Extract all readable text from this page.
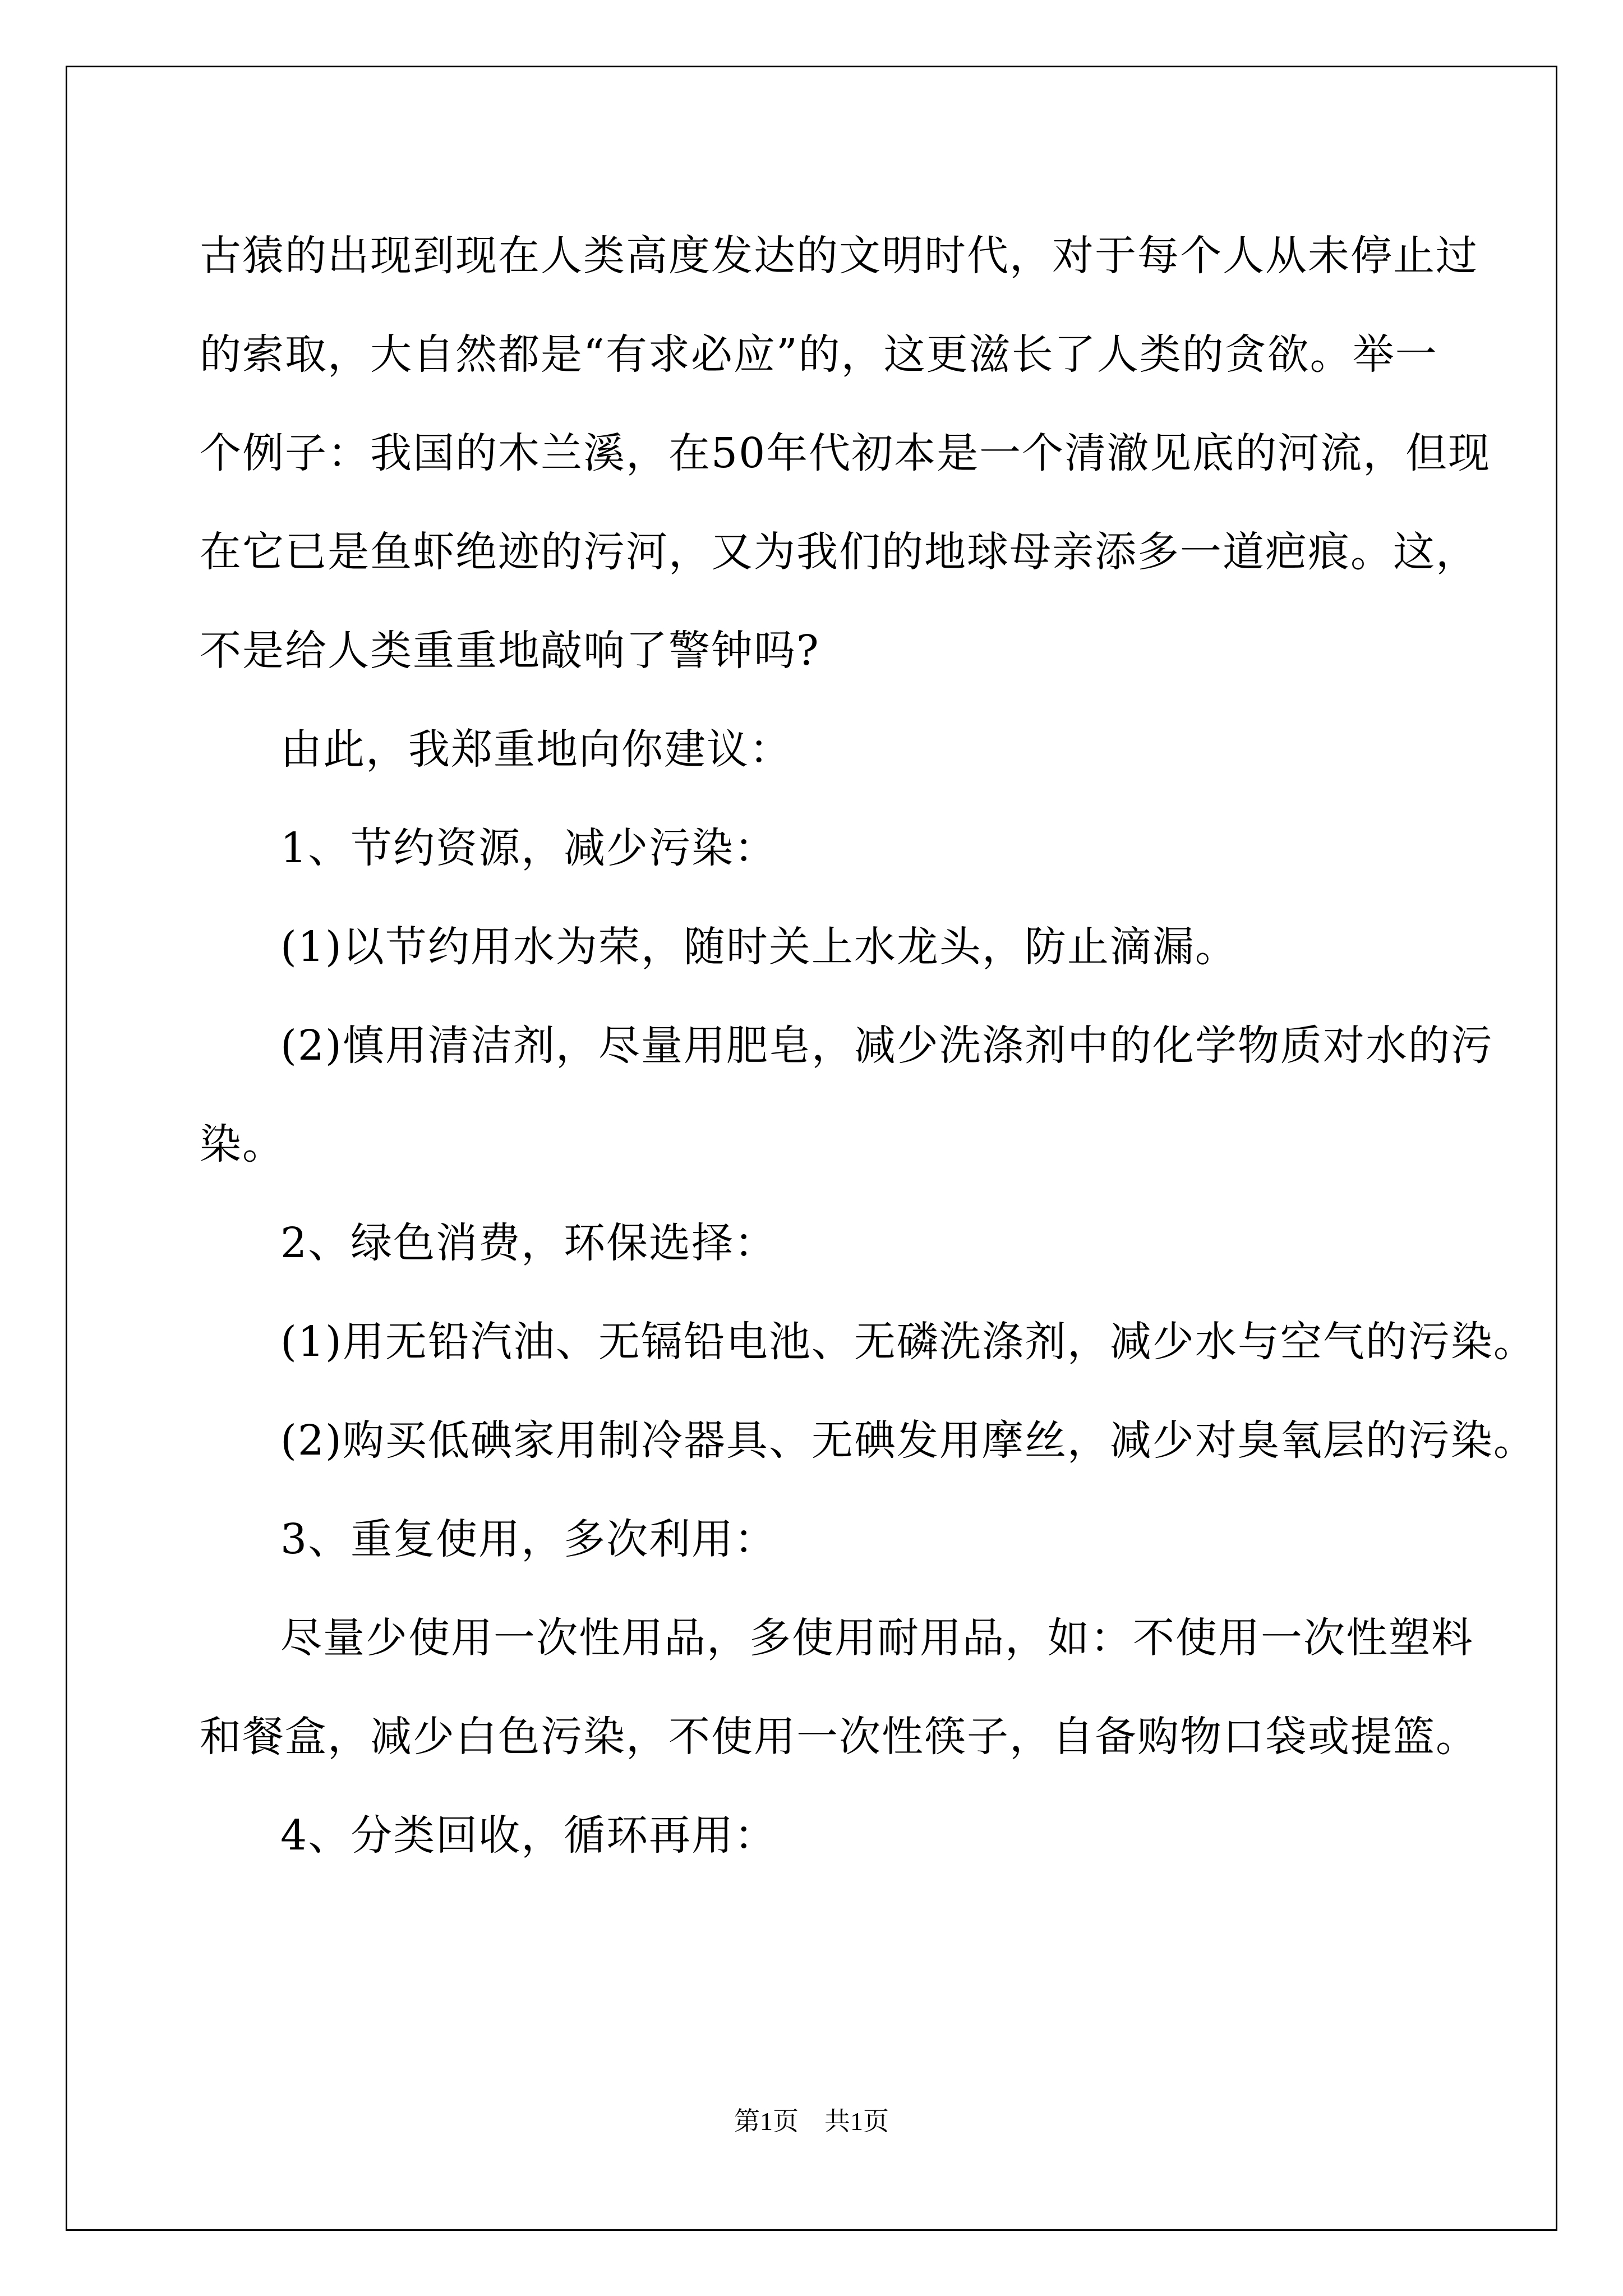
古猿的出现到现在人类高度发达的文明时代，对于每个人从未停止过
的索取，大自然都是“有求必应”的，这更滋长了人类的贪欲。举一
个例子：我国的木兰溪，在50年代初本是一个清澈见底的河流，但现
在它已是鱼虾绝迹的污河，又为我们的地球母亲添多一道疤痕。这，
不是给人类重重地敲响了警钟吗?
由此，我郑重地向你建议：
1、节约资源，减少污染：
(1)以节约用水为荣，随时关上水龙头，防止滴漏。
(2)慎用清洁剂，尽量用肥皂，减少洗涤剂中的化学物质对水的污
染。
2、绿色消费，环保选择：
(1)用无铅汽油、无镉铅电池、无磷洗涤剂，减少水与空气的污染。
(2)购买低碘家用制冷器具、无碘发用摩丝，减少对臭氧层的污染。
3、重复使用，多次利用：
尽量少使用一次性用品，多使用耐用品，如：不使用一次性塑料
和餐盒，减少白色污染，不使用一次性筷子，自备购物口袋或提篮。
4、分类回收，循环再用：
第1页　共1页
